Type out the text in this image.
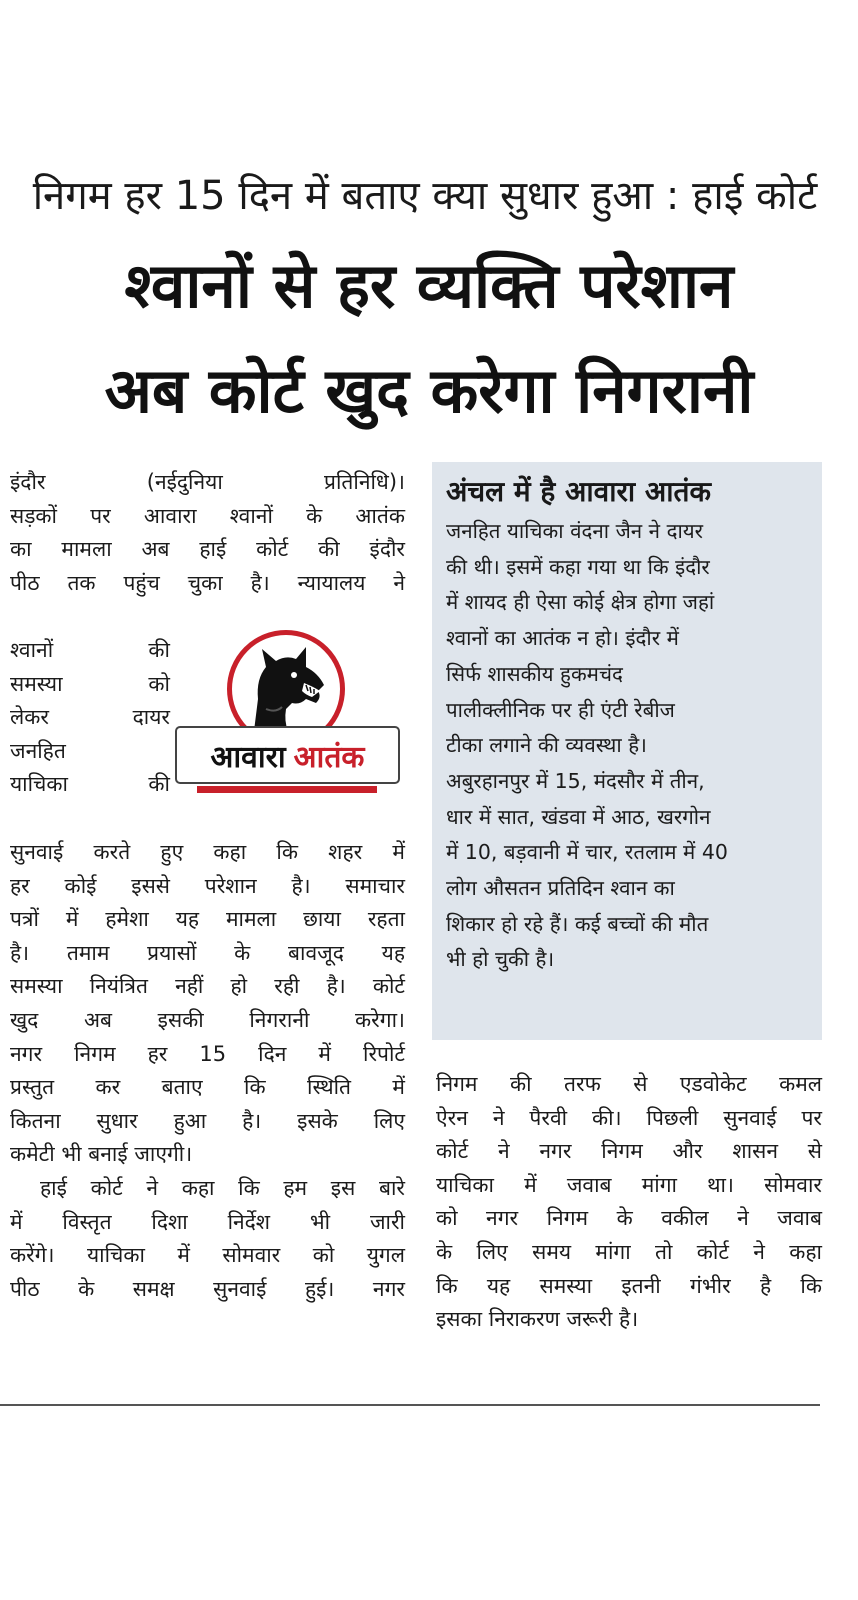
निगम हर 15 दिन में बताए क्या सुधार हुआ : हाई कोर्ट
श्वानों से हर व्यक्ति परेशान
अब कोर्ट खुद करेगा निगरानी
इंदौर (नईदुनिया प्रतिनिधि)।
सड़कों पर आवारा श्वानों के आतंक
का मामला अब हाई कोर्ट की इंदौर
पीठ तक पहुंच चुका है। न्यायालय ने
श्वानों की
समस्या को
लेकर दायर
जनहित
याचिका की
आवारा आतंक
सुनवाई करते हुए कहा कि शहर में
हर कोई इससे परेशान है। समाचार
पत्रों में हमेशा यह मामला छाया रहता
है। तमाम प्रयासों के बावजूद यह
समस्या नियंत्रित नहीं हो रही है। कोर्ट
खुद अब इसकी निगरानी करेगा।
नगर निगम हर 15 दिन में रिपोर्ट
प्रस्तुत कर बताए कि स्थिति में
कितना सुधार हुआ है। इसके लिए
कमेटी भी बनाई जाएगी।
हाई कोर्ट ने कहा कि हम इस बारे
में विस्तृत दिशा निर्देश भी जारी
करेंगे। याचिका में सोमवार को युगल
पीठ के समक्ष सुनवाई हुई। नगर
अंचल में है आवारा आतंक
जनहित याचिका वंदना जैन ने दायर
की थी। इसमें कहा गया था कि इंदौर
में शायद ही ऐसा कोई क्षेत्र होगा जहां
श्वानों का आतंक न हो। इंदौर में
सिर्फ शासकीय हुकमचंद
पालीक्लीनिक पर ही एंटी रेबीज
टीका लगाने की व्यवस्था है।
अबुरहानपुर में 15, मंदसौर में तीन,
धार में सात, खंडवा में आठ, खरगोन
में 10, बड़वानी में चार, रतलाम में 40
लोग औसतन प्रतिदिन श्वान का
शिकार हो रहे हैं। कई बच्चों की मौत
भी हो चुकी है।
निगम की तरफ से एडवोकेट कमल
ऐरन ने पैरवी की। पिछली सुनवाई पर
कोर्ट ने नगर निगम और शासन से
याचिका में जवाब मांगा था। सोमवार
को नगर निगम के वकील ने जवाब
के लिए समय मांगा तो कोर्ट ने कहा
कि यह समस्या इतनी गंभीर है कि
इसका निराकरण जरूरी है।
